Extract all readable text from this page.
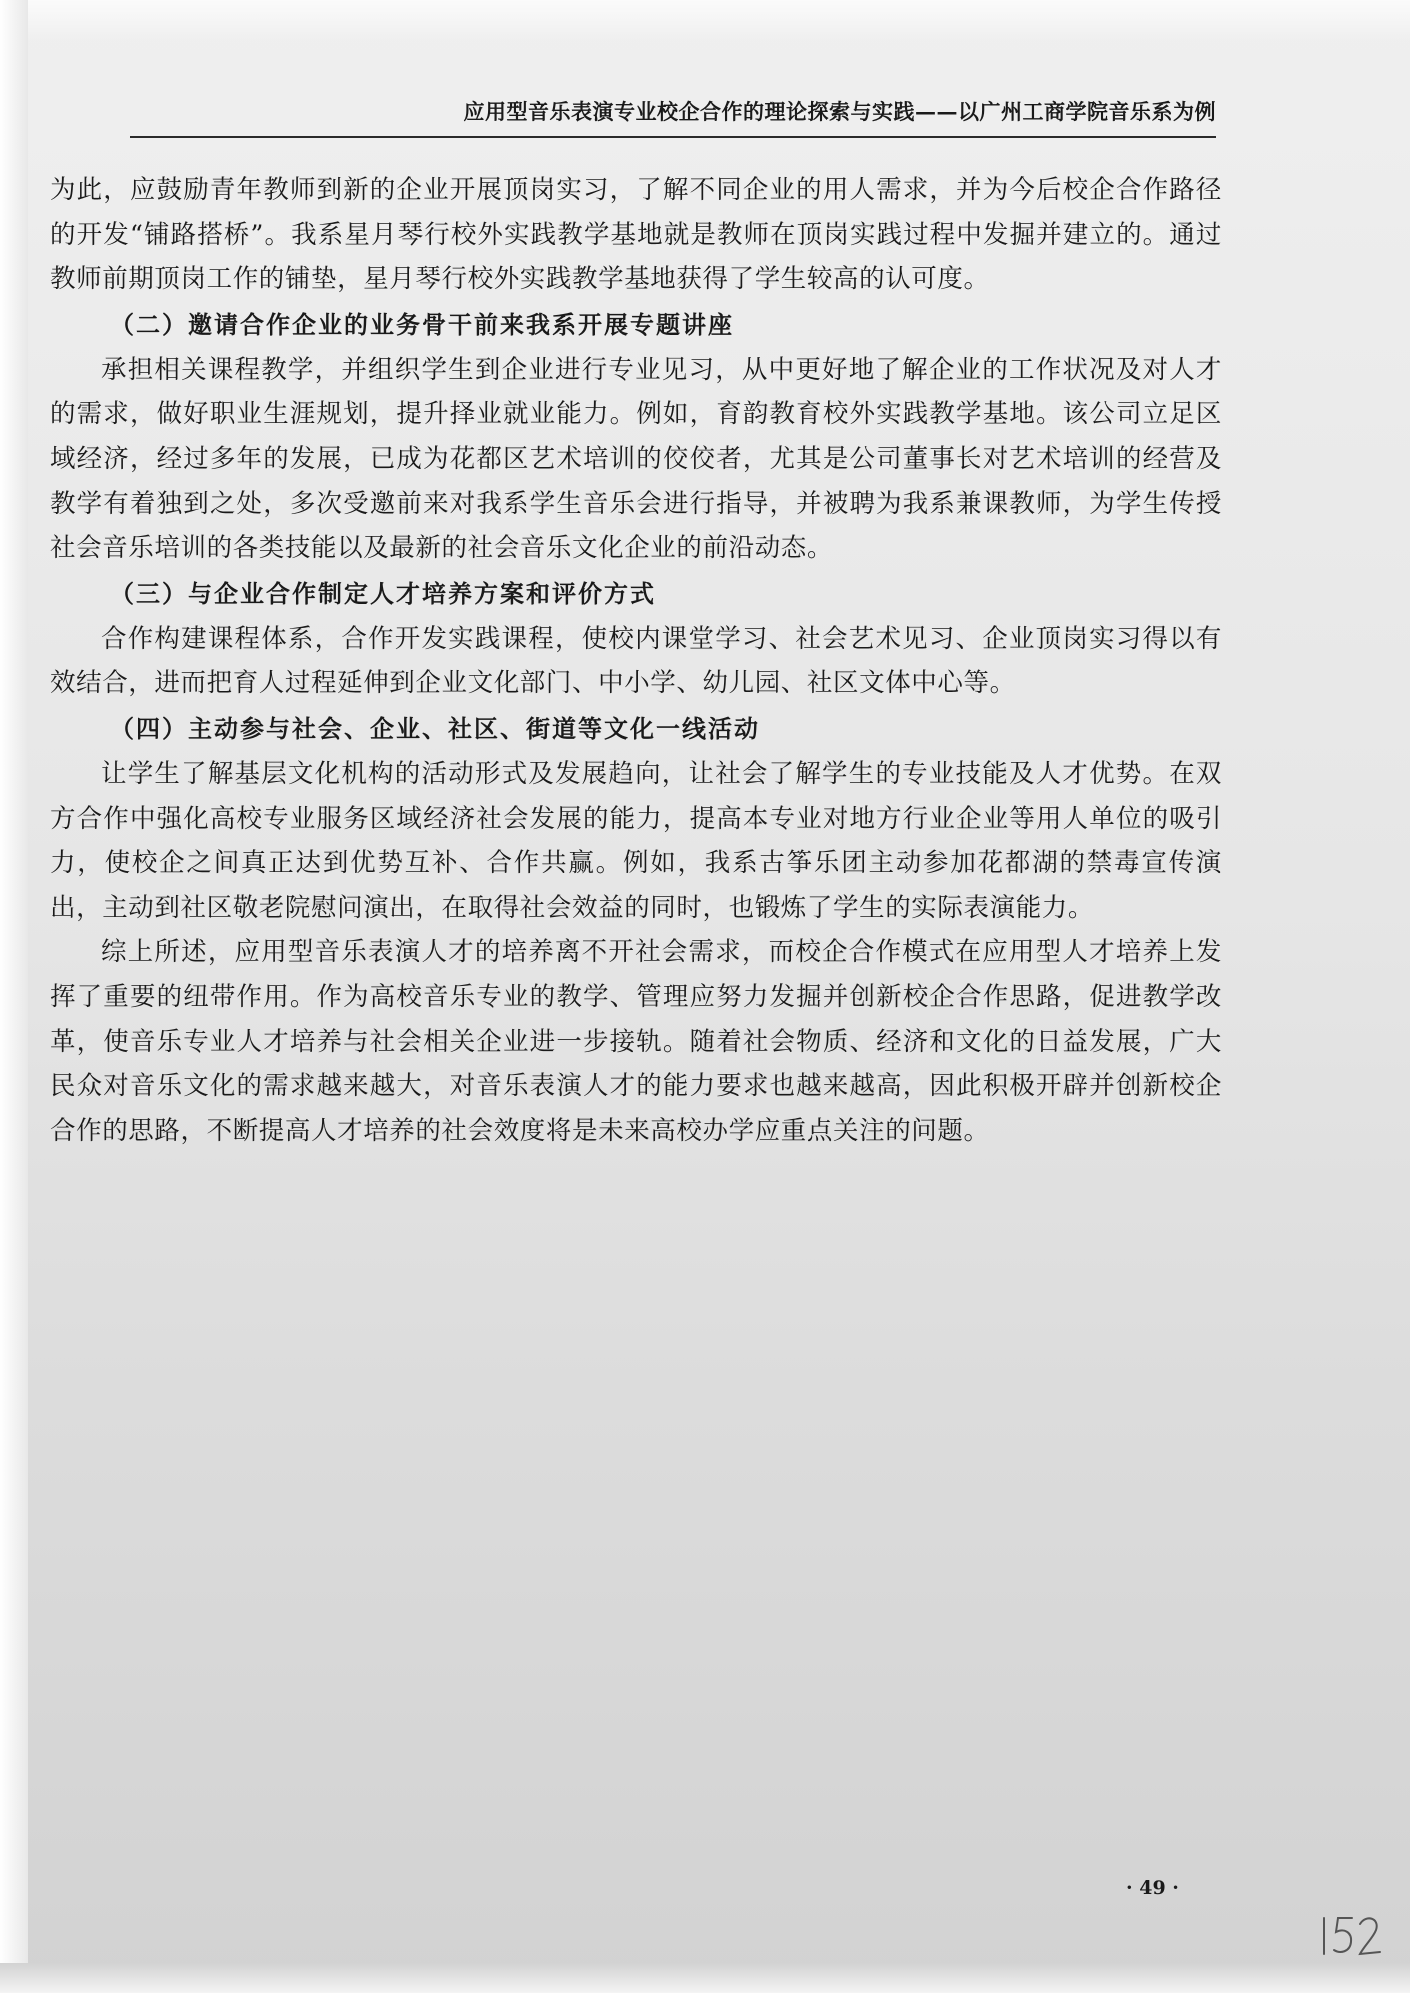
应用型音乐表演专业校企合作的理论探索与实践——以广州工商学院音乐系为例

为此，应鼓励青年教师到新的企业开展顶岗实习，了解不同企业的用人需求，并为今后校企合作路径的开发“铺路搭桥”。我系星月琴行校外实践教学基地就是教师在顶岗实践过程中发掘并建立的。通过教师前期顶岗工作的铺垫，星月琴行校外实践教学基地获得了学生较高的认可度。

（二）邀请合作企业的业务骨干前来我系开展专题讲座

承担相关课程教学，并组织学生到企业进行专业见习，从中更好地了解企业的工作状况及对人才的需求，做好职业生涯规划，提升择业就业能力。例如，育韵教育校外实践教学基地。该公司立足区域经济，经过多年的发展，已成为花都区艺术培训的佼佼者，尤其是公司董事长对艺术培训的经营及教学有着独到之处，多次受邀前来对我系学生音乐会进行指导，并被聘为我系兼课教师，为学生传授社会音乐培训的各类技能以及最新的社会音乐文化企业的前沿动态。

（三）与企业合作制定人才培养方案和评价方式

合作构建课程体系，合作开发实践课程，使校内课堂学习、社会艺术见习、企业顶岗实习得以有效结合，进而把育人过程延伸到企业文化部门、中小学、幼儿园、社区文体中心等。

（四）主动参与社会、企业、社区、街道等文化一线活动

让学生了解基层文化机构的活动形式及发展趋向，让社会了解学生的专业技能及人才优势。在双方合作中强化高校专业服务区域经济社会发展的能力，提高本专业对地方行业企业等用人单位的吸引力，使校企之间真正达到优势互补、合作共赢。例如，我系古筝乐团主动参加花都湖的禁毒宣传演出，主动到社区敬老院慰问演出，在取得社会效益的同时，也锻炼了学生的实际表演能力。

综上所述，应用型音乐表演人才的培养离不开社会需求，而校企合作模式在应用型人才培养上发挥了重要的纽带作用。作为高校音乐专业的教学、管理应努力发掘并创新校企合作思路，促进教学改革，使音乐专业人才培养与社会相关企业进一步接轨。随着社会物质、经济和文化的日益发展，广大民众对音乐文化的需求越来越大，对音乐表演人才的能力要求也越来越高，因此积极开辟并创新校企合作的思路，不断提高人才培养的社会效度将是未来高校办学应重点关注的问题。

· 49 ·
